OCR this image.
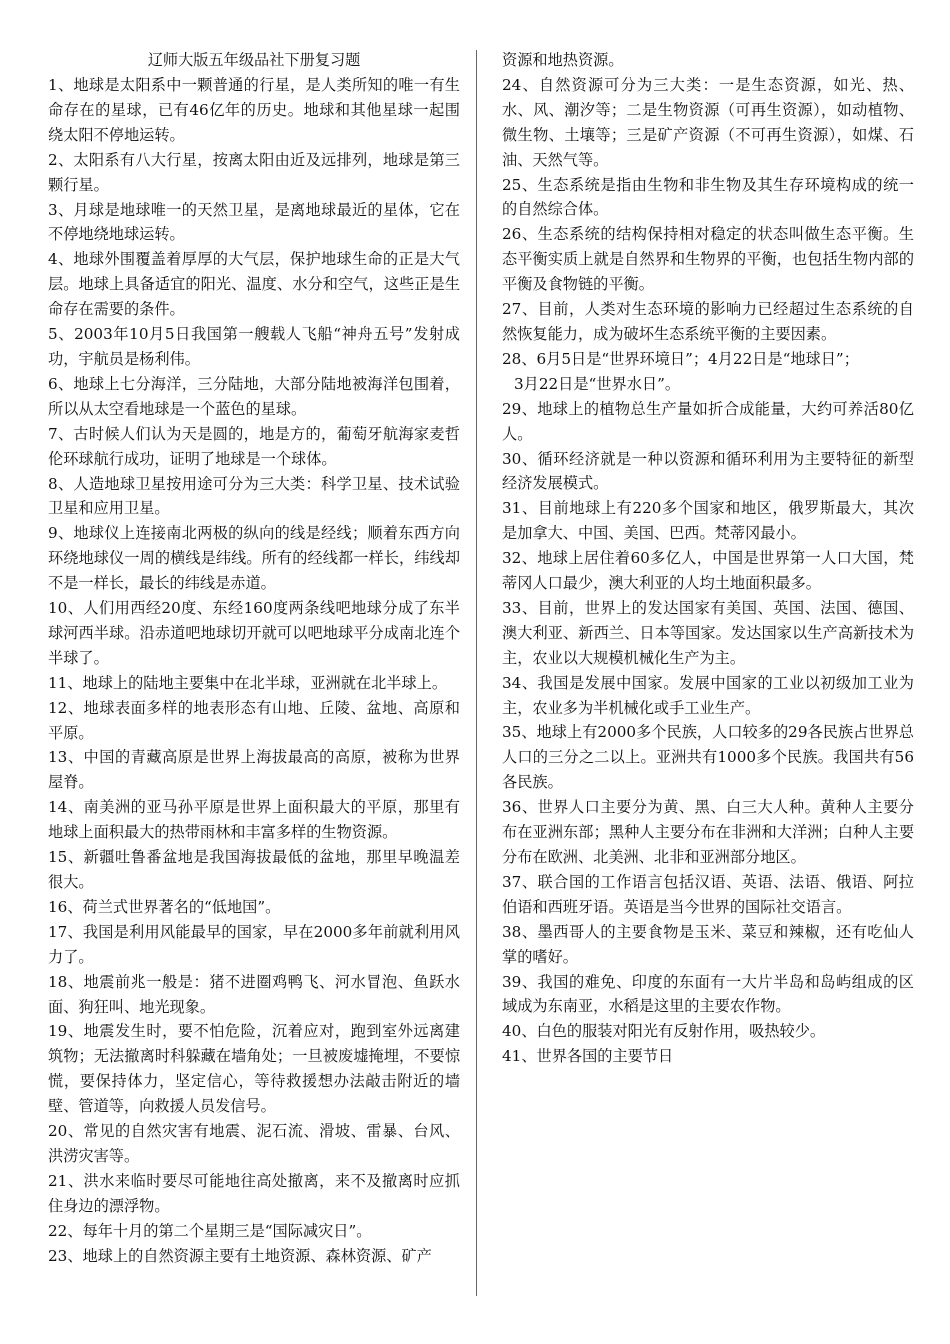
辽师大版五年级品社下册复习题

1、地球是太阳系中一颗普通的行星，是人类所知的唯一有生命存在的星球，已有46亿年的历史。地球和其他星球一起围绕太阳不停地运转。

2、太阳系有八大行星，按离太阳由近及远排列，地球是第三颗行星。

3、月球是地球唯一的天然卫星，是离地球最近的星体，它在不停地绕地球运转。

4、地球外围覆盖着厚厚的大气层，保护地球生命的正是大气层。地球上具备适宜的阳光、温度、水分和空气，这些正是生命存在需要的条件。

5、2003年10月5日我国第一艘载人飞船“神舟五号”发射成功，宇航员是杨利伟。

6、地球上七分海洋，三分陆地，大部分陆地被海洋包围着，所以从太空看地球是一个蓝色的星球。

7、古时候人们认为天是圆的，地是方的，葡萄牙航海家麦哲伦环球航行成功，证明了地球是一个球体。

8、人造地球卫星按用途可分为三大类：科学卫星、技术试验卫星和应用卫星。

9、地球仪上连接南北两极的纵向的线是经线；顺着东西方向环绕地球仪一周的横线是纬线。所有的经线都一样长，纬线却不是一样长，最长的纬线是赤道。

10、人们用西经20度、东经160度两条线吧地球分成了东半球河西半球。沿赤道吧地球切开就可以吧地球平分成南北连个半球了。

11、地球上的陆地主要集中在北半球，亚洲就在北半球上。

12、地球表面多样的地表形态有山地、丘陵、盆地、高原和平原。

13、中国的青藏高原是世界上海拔最高的高原，被称为世界屋脊。

14、南美洲的亚马孙平原是世界上面积最大的平原，那里有地球上面积最大的热带雨林和丰富多样的生物资源。

15、新疆吐鲁番盆地是我国海拔最低的盆地，那里早晚温差很大。

16、荷兰式世界著名的“低地国”。

17、我国是利用风能最早的国家，早在2000多年前就利用风力了。

18、地震前兆一般是：猪不进圈鸡鸭飞、河水冒泡、鱼跃水面、狗狂叫、地光现象。

19、地震发生时，要不怕危险，沉着应对，跑到室外远离建筑物；无法撤离时科躲藏在墙角处；一旦被废墟掩埋，不要惊慌，要保持体力，坚定信心，等待救援想办法敲击附近的墙壁、管道等，向救援人员发信号。

20、常见的自然灾害有地震、泥石流、滑坡、雷暴、台风、洪涝灾害等。

21、洪水来临时要尽可能地往高处撤离，来不及撤离时应抓住身边的漂浮物。

22、每年十月的第二个星期三是“国际减灾日”。

23、地球上的自然资源主要有土地资源、森林资源、矿产

资源和地热资源。

24、自然资源可分为三大类：一是生态资源，如光、热、水、风、潮汐等；二是生物资源（可再生资源），如动植物、微生物、土壤等；三是矿产资源（不可再生资源），如煤、石油、天然气等。

25、生态系统是指由生物和非生物及其生存环境构成的统一的自然综合体。

26、生态系统的结构保持相对稳定的状态叫做生态平衡。生态平衡实质上就是自然界和生物界的平衡，也包括生物内部的平衡及食物链的平衡。

27、目前，人类对生态环境的影响力已经超过生态系统的自然恢复能力，成为破坏生态系统平衡的主要因素。

28、6月5日是“世界环境日”；4月22日是“地球日”；

3月22日是“世界水日”。

29、地球上的植物总生产量如折合成能量，大约可养活80亿人。

30、循环经济就是一种以资源和循环利用为主要特征的新型经济发展模式。

31、目前地球上有220多个国家和地区，俄罗斯最大，其次是加拿大、中国、美国、巴西。梵蒂冈最小。

32、地球上居住着60多亿人，中国是世界第一人口大国，梵蒂冈人口最少，澳大利亚的人均土地面积最多。

33、目前，世界上的发达国家有美国、英国、法国、德国、澳大利亚、新西兰、日本等国家。发达国家以生产高新技术为主，农业以大规模机械化生产为主。

34、我国是发展中国家。发展中国家的工业以初级加工业为主，农业多为半机械化或手工业生产。

35、地球上有2000多个民族，人口较多的29各民族占世界总人口的三分之二以上。亚洲共有1000多个民族。我国共有56各民族。

36、世界人口主要分为黄、黑、白三大人种。黄种人主要分布在亚洲东部；黑种人主要分布在非洲和大洋洲；白种人主要分布在欧洲、北美洲、北非和亚洲部分地区。

37、联合国的工作语言包括汉语、英语、法语、俄语、阿拉伯语和西班牙语。英语是当今世界的国际社交语言。

38、墨西哥人的主要食物是玉米、菜豆和辣椒，还有吃仙人掌的嗜好。

39、我国的难免、印度的东面有一大片半岛和岛屿组成的区域成为东南亚，水稻是这里的主要农作物。

40、白色的服装对阳光有反射作用，吸热较少。

41、世界各国的主要节日
